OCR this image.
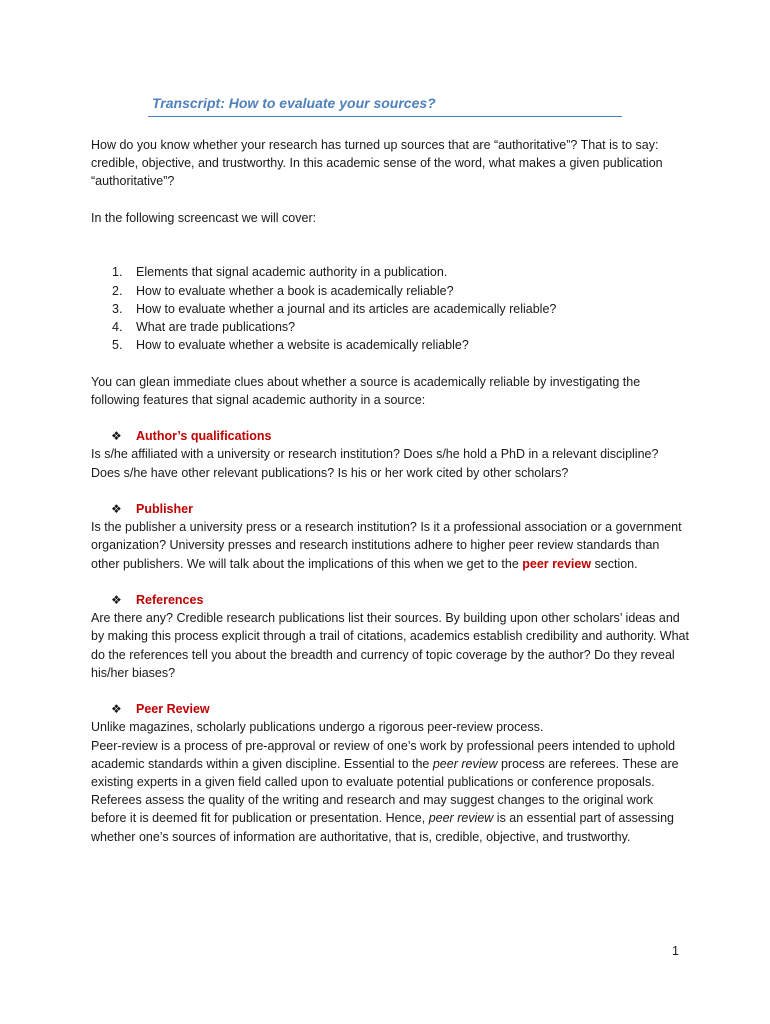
Transcript: How to evaluate your sources?

How do you know whether your research has turned up sources that are “authoritative”? That is to say: credible, objective, and trustworthy. In this academic sense of the word, what makes a given publication “authoritative”?

In the following screencast we will cover:

1. Elements that signal academic authority in a publication.
2. How to evaluate whether a book is academically reliable?
3. How to evaluate whether a journal and its articles are academically reliable?
4. What are trade publications?
5. How to evaluate whether a website is academically reliable?

You can glean immediate clues about whether a source is academically reliable by investigating the following features that signal academic authority in a source:

❖ Author’s qualifications

Is s/he affiliated with a university or research institution? Does s/he hold a PhD in a relevant discipline? Does s/he have other relevant publications? Is his or her work cited by other scholars?

❖ Publisher

Is the publisher a university press or a research institution? Is it a professional association or a government organization? University presses and research institutions adhere to higher peer review standards than other publishers. We will talk about the implications of this when we get to the peer review section.

❖ References

Are there any? Credible research publications list their sources. By building upon other scholars’ ideas and by making this process explicit through a trail of citations, academics establish credibility and authority. What do the references tell you about the breadth and currency of topic coverage by the author? Do they reveal his/her biases?

❖ Peer Review

Unlike magazines, scholarly publications undergo a rigorous peer-review process.

Peer-review is a process of pre-approval or review of one’s work by professional peers intended to uphold academic standards within a given discipline. Essential to the peer review process are referees. These are existing experts in a given field called upon to evaluate potential publications or conference proposals. Referees assess the quality of the writing and research and may suggest changes to the original work before it is deemed fit for publication or presentation. Hence, peer review is an essential part of assessing whether one’s sources of information are authoritative, that is, credible, objective, and trustworthy.

1
